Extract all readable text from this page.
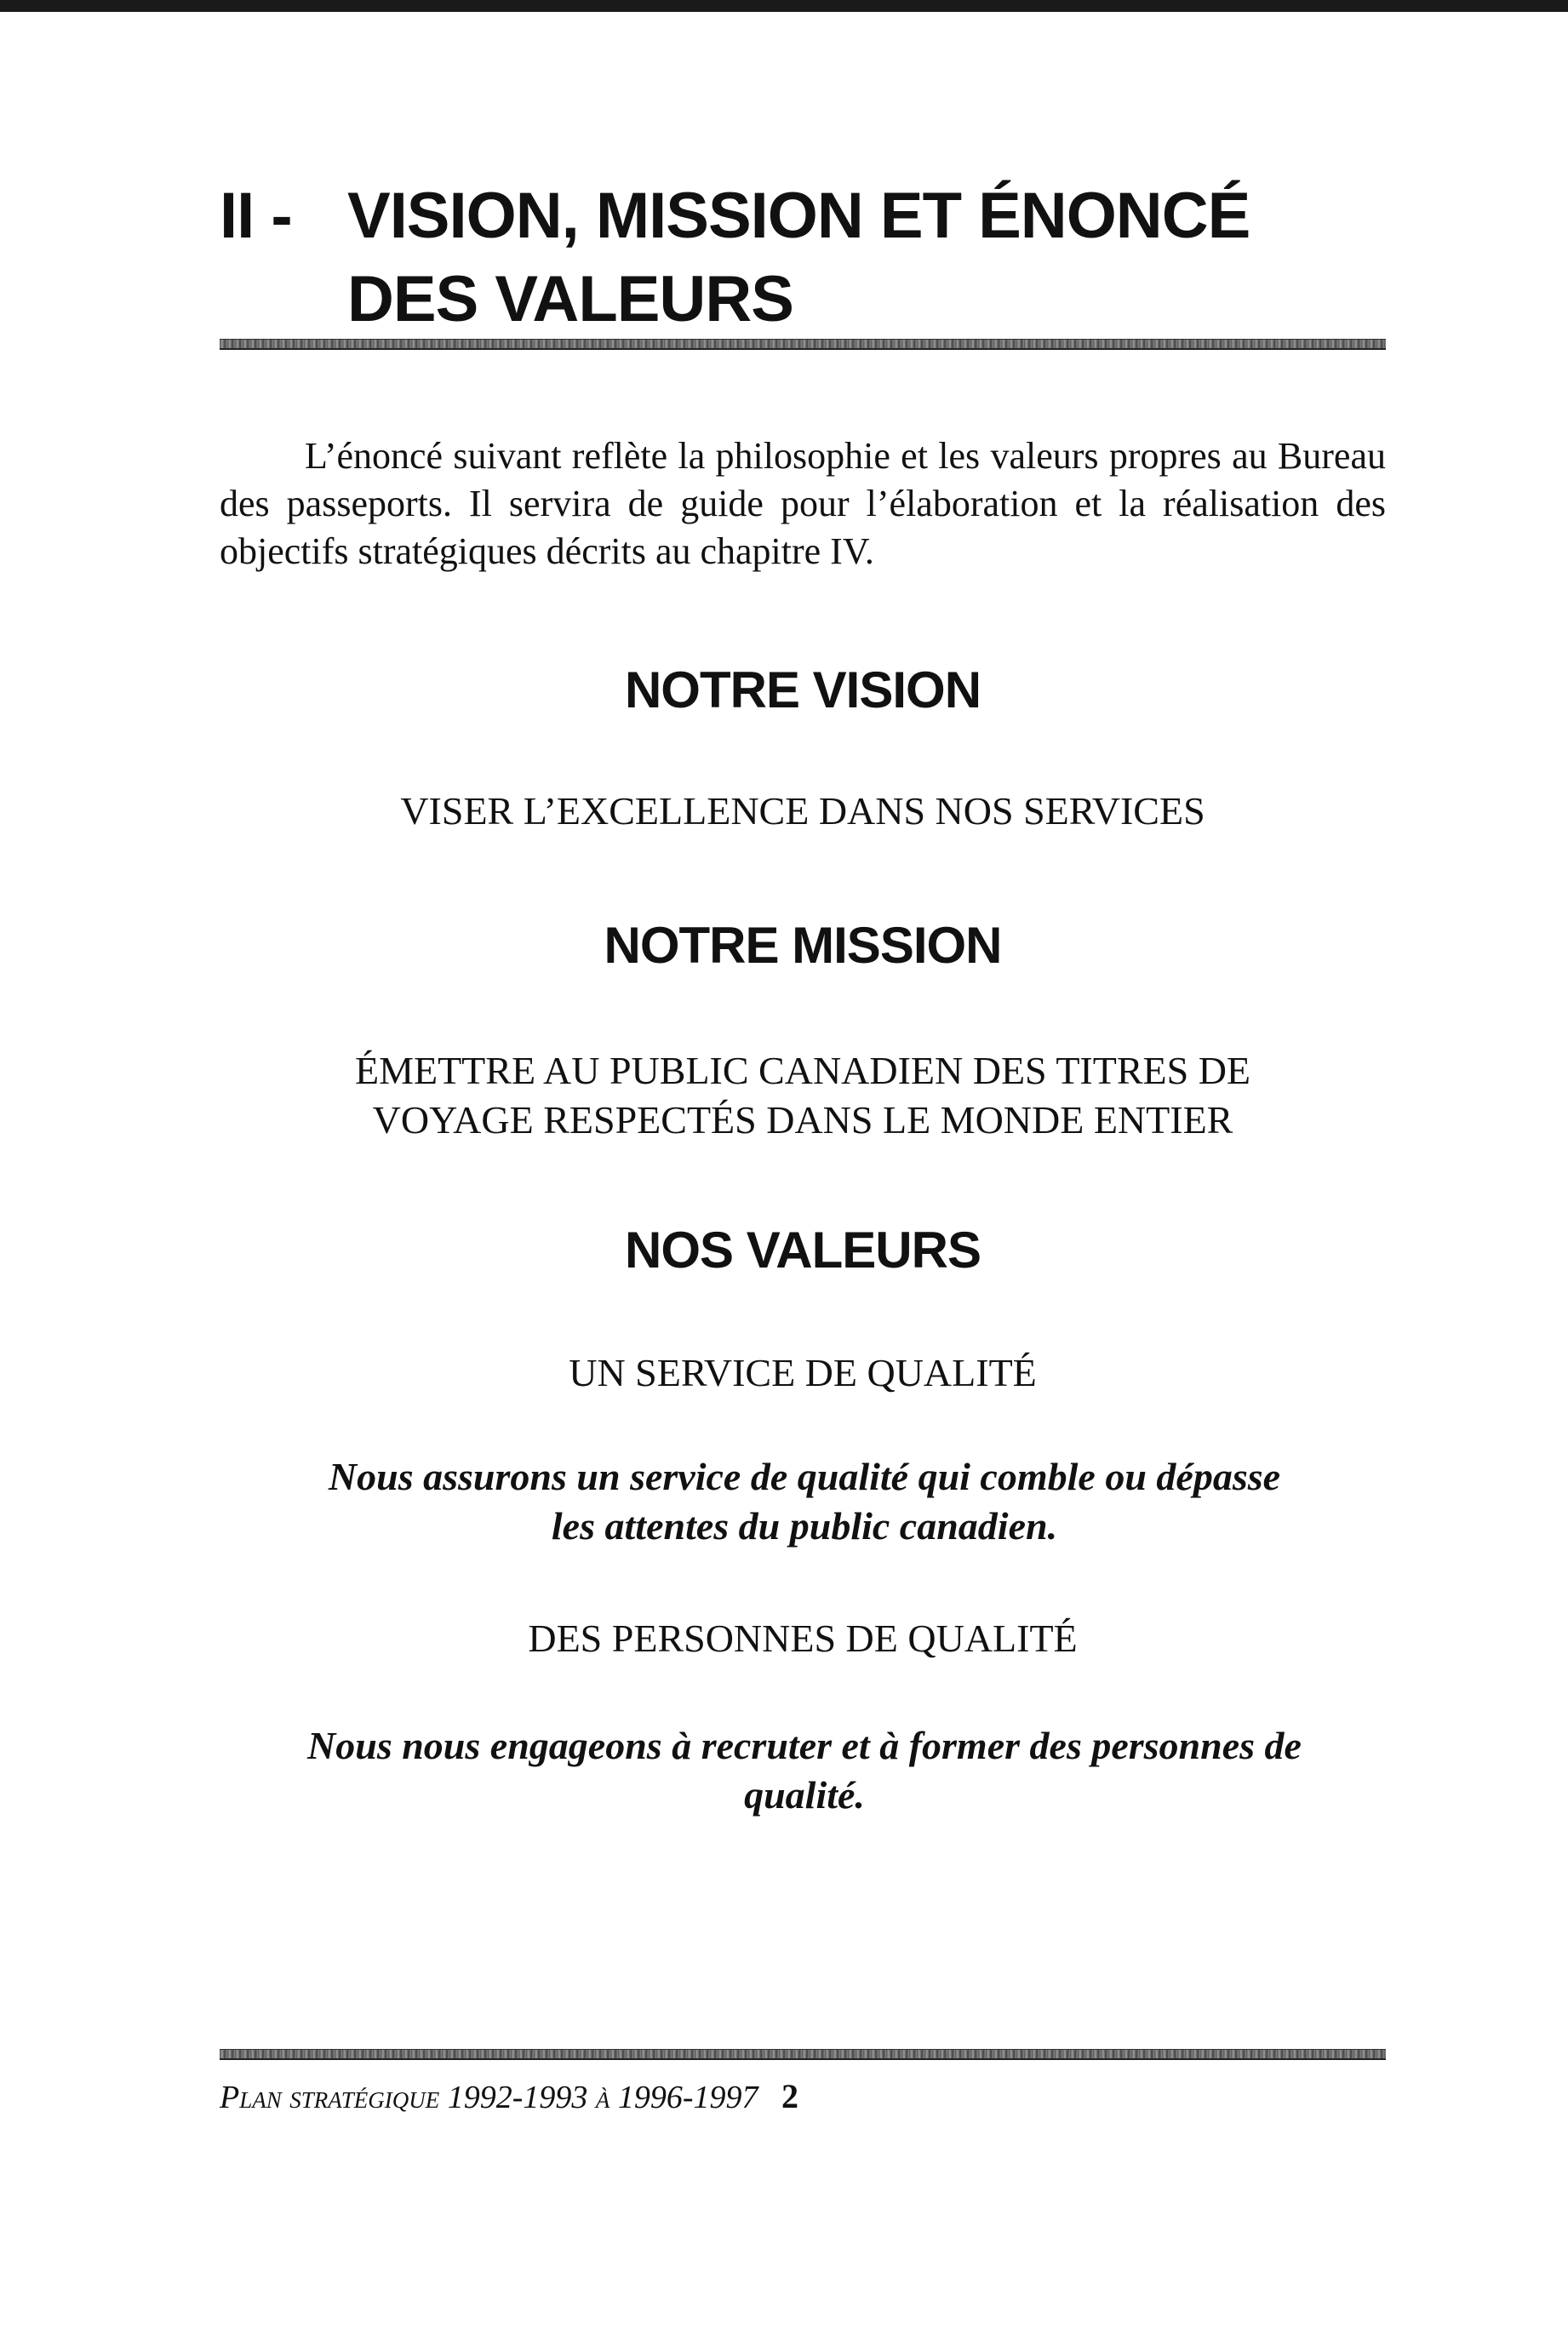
II - VISION, MISSION ET ÉNONCÉ
DES VALEURS

L’énoncé suivant reflète la philosophie et les valeurs propres au Bureau des passeports. Il servira de guide pour l’élaboration et la réalisation des objectifs stratégiques décrits au chapitre IV.

NOTRE VISION

VISER L’EXCELLENCE DANS NOS SERVICES

NOTRE MISSION

ÉMETTRE AU PUBLIC CANADIEN DES TITRES DE

VOYAGE RESPECTÉS DANS LE MONDE ENTIER

NOS VALEURS

UN SERVICE DE QUALITÉ

Nous assurons un service de qualité qui comble ou dépasse

les attentes du public canadien.

DES PERSONNES DE QUALITÉ

Nous nous engageons à recruter et à former des personnes de

qualité.

Plan stratégique 1992-1993 à 1996-1997 2
